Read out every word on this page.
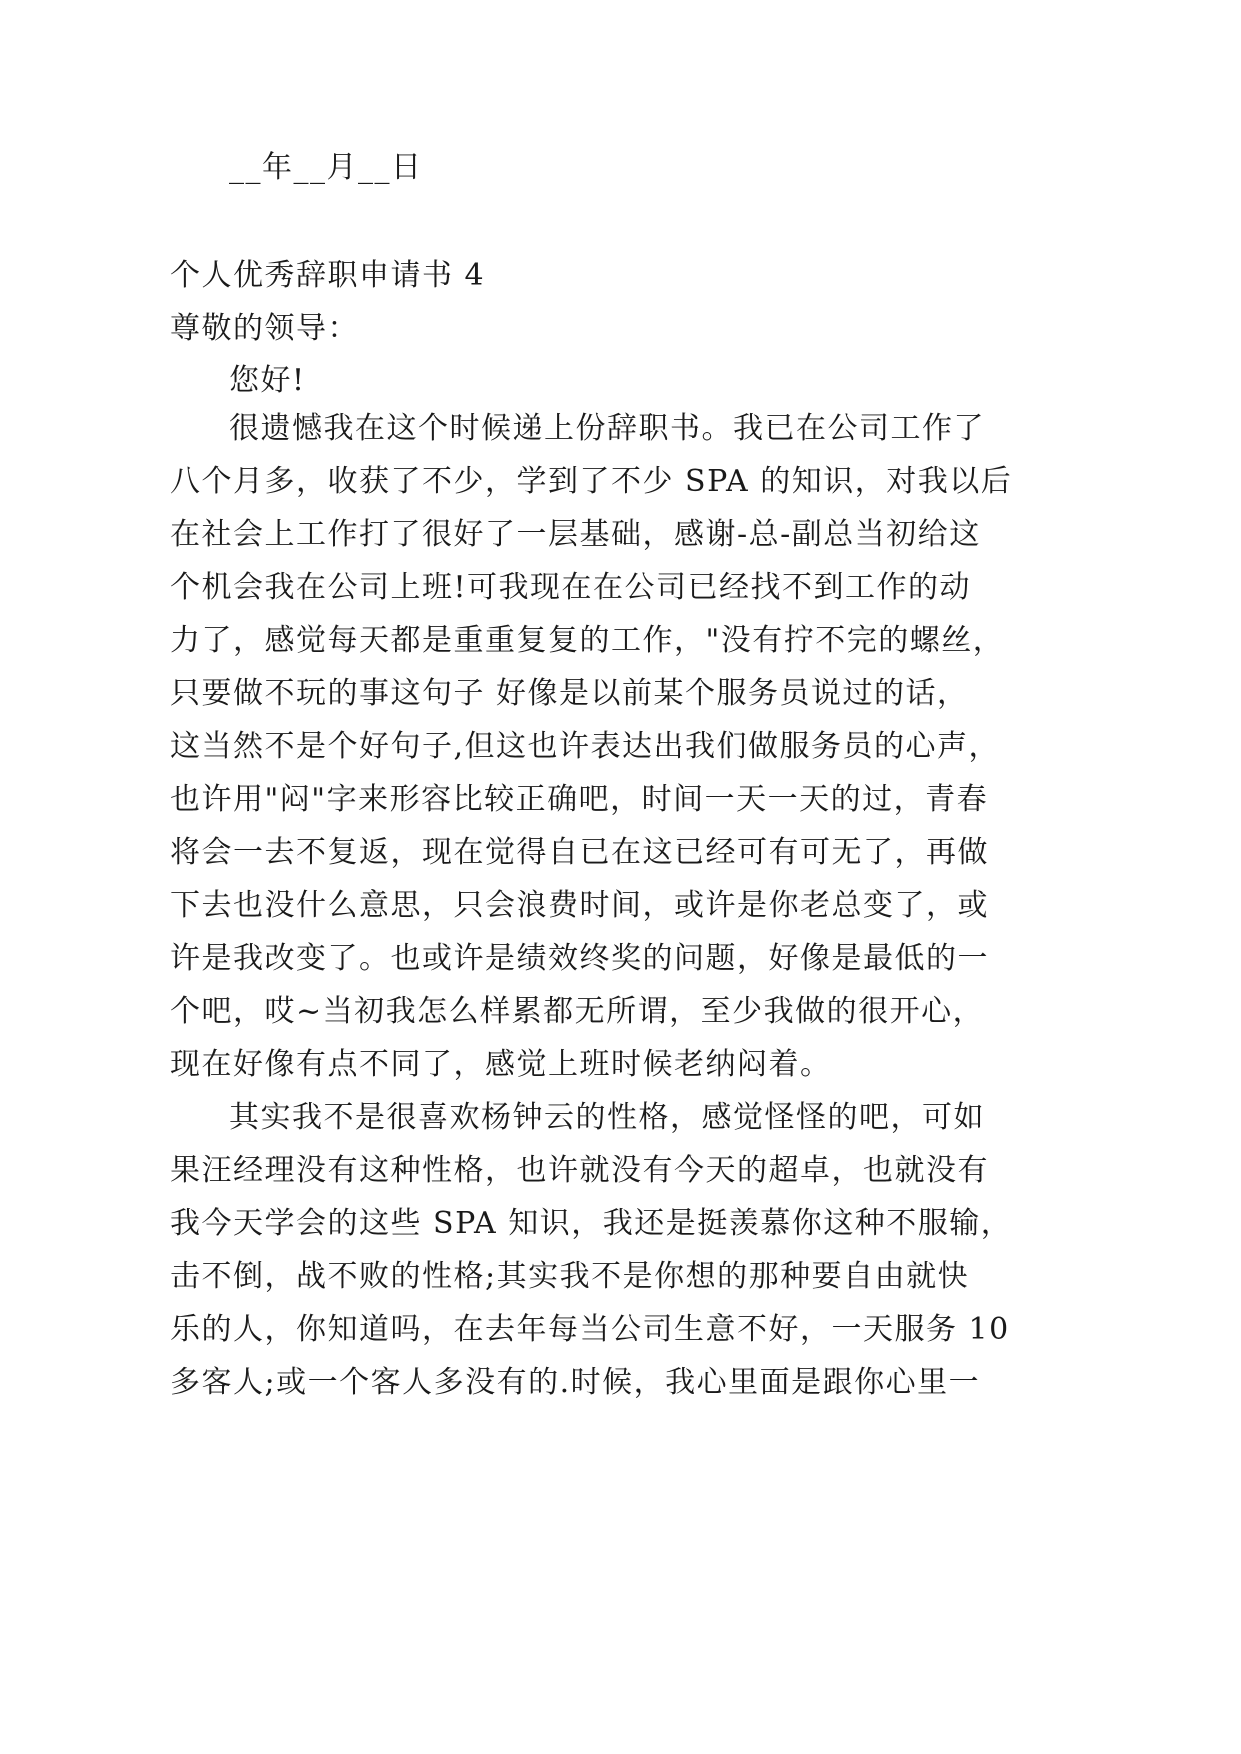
__年__月__日
个人优秀辞职申请书 4
尊敬的领导：
您好!
很遗憾我在这个时候递上份辞职书。我已在公司工作了
八个月多，收获了不少，学到了不少 SPA 的知识，对我以后
在社会上工作打了很好了一层基础，感谢-总-副总当初给这
个机会我在公司上班!可我现在在公司已经找不到工作的动
力了，感觉每天都是重重复复的工作，"没有拧不完的螺丝，
只要做不玩的事这句子 好像是以前某个服务员说过的话，
这当然不是个好句子,但这也许表达出我们做服务员的心声，
也许用"闷"字来形容比较正确吧，时间一天一天的过，青春
将会一去不复返，现在觉得自已在这已经可有可无了，再做
下去也没什么意思，只会浪费时间，或许是你老总变了，或
许是我改变了。也或许是绩效终奖的问题，好像是最低的一
个吧，哎~当初我怎么样累都无所谓，至少我做的很开心，
现在好像有点不同了，感觉上班时候老纳闷着。
其实我不是很喜欢杨钟云的性格，感觉怪怪的吧，可如
果汪经理没有这种性格，也许就没有今天的超卓，也就没有
我今天学会的这些 SPA 知识，我还是挺羡慕你这种不服输，
击不倒，战不败的性格;其实我不是你想的那种要自由就快
乐的人，你知道吗，在去年每当公司生意不好，一天服务 10
多客人;或一个客人多没有的.时候，我心里面是跟你心里一
